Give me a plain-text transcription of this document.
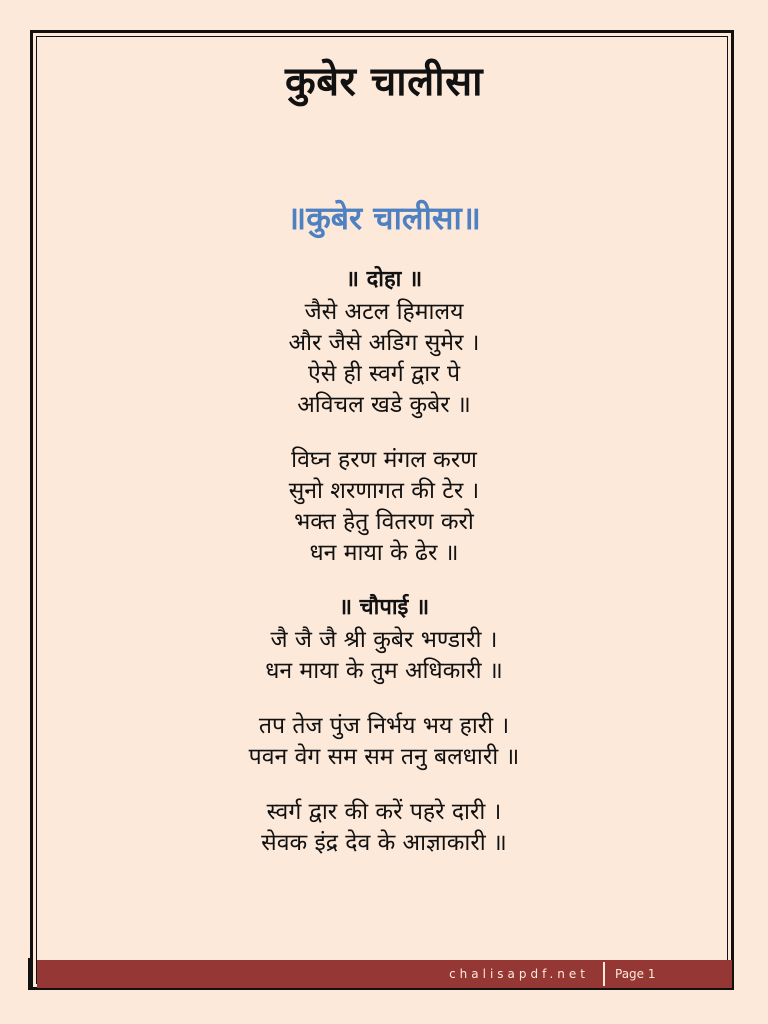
कुबेर चालीसा
॥कुबेर चालीसा॥
॥ दोहा ॥
जैसे अटल हिमालय
और जैसे अडिग सुमेर ।
ऐसे ही स्वर्ग द्वार पे
अविचल खडे कुबेर ॥
विघ्न हरण मंगल करण
सुनो शरणागत की टेर ।
भक्त हेतु वितरण करो
धन माया के ढेर ॥
॥ चौपाई ॥
जै जै जै श्री कुबेर भण्डारी ।
धन माया के तुम अधिकारी ॥
तप तेज पुंज निर्भय भय हारी ।
पवन वेग सम सम तनु बलधारी ॥
स्वर्ग द्वार की करें पहरे दारी ।
सेवक इंद्र देव के आज्ञाकारी ॥
chalisapdf.net Page 1
